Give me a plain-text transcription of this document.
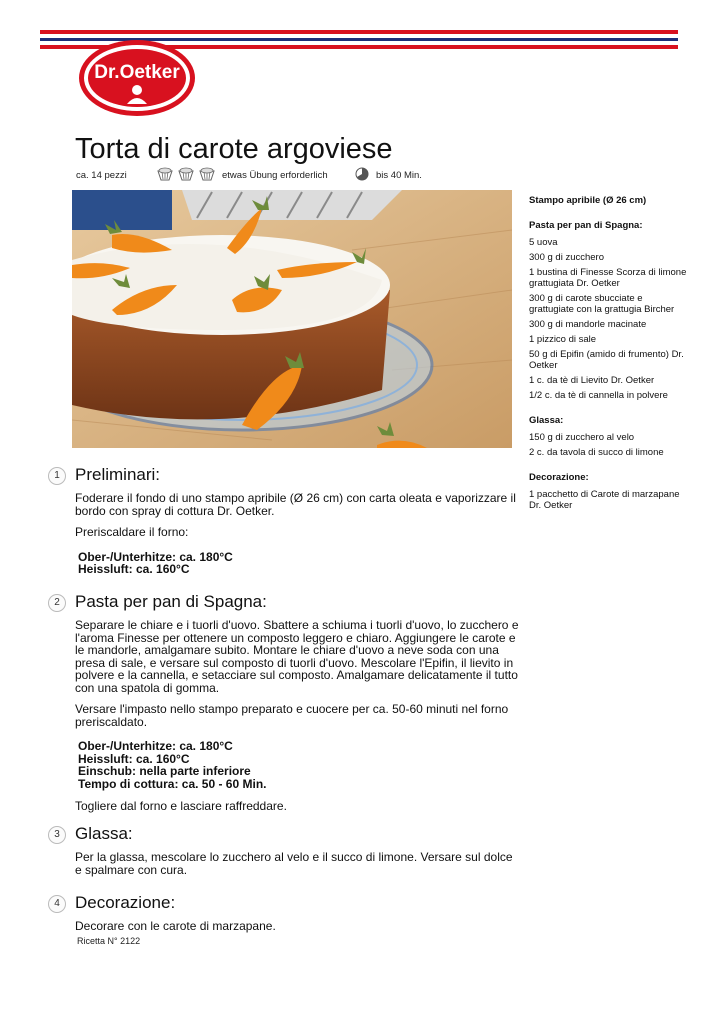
Dr.Oetker
Torta di carote argoviese
ca. 14 pezzi	etwas Übung erforderlich	bis 40 Min.
Stampo apribile (Ø 26 cm)
Pasta per pan di Spagna:
5 uova
300 g di zucchero
1 bustina di Finesse Scorza di limone grattugiata Dr. Oetker
300 g di carote sbucciate e grattugiate con la grattugia Bircher
300 g di mandorle macinate
1 pizzico di sale
50 g di Epifin (amido di frumento) Dr. Oetker
1 c. da tè di Lievito Dr. Oetker
1/2 c. da tè di cannella in polvere
Glassa:
150 g di zucchero al velo
2 c. da tavola di succo di limone
Decorazione:
1 pacchetto di Carote di marzapane Dr. Oetker
1 Preliminari:

Foderare il fondo di uno stampo apribile (Ø 26 cm) con carta oleata e vaporizzare il bordo con spray di cottura Dr. Oetker.

Preriscaldare il forno:

Ober-/Unterhitze: ca. 180°C

Heissluft: ca. 160°C

2 Pasta per pan di Spagna:

Separare le chiare e i tuorli d'uovo. Sbattere a schiuma i tuorli d'uovo, lo zucchero e l'aroma Finesse per ottenere un composto leggero e chiaro. Aggiungere le carote e le mandorle, amalgamare subito. Montare le chiare d'uovo a neve soda con una presa di sale, e versare sul composto di tuorli d'uovo. Mescolare l'Epifin, il lievito in polvere e la cannella, e setacciare sul composto. Amalgamare delicatamente il tutto con una spatola di gomma.

Versare l'impasto nello stampo preparato e cuocere per ca. 50-60 minuti nel forno preriscaldato.

Ober-/Unterhitze: ca. 180°C

Heissluft: ca. 160°C

Einschub: nella parte inferiore

Tempo di cottura: ca. 50 - 60 Min.

Togliere dal forno e lasciare raffreddare.

3 Glassa:

Per la glassa, mescolare lo zucchero al velo e il succo di limone. Versare sul dolce e spalmare con cura.

4 Decorazione:

Decorare con le carote di marzapane.

Ricetta N° 2122
